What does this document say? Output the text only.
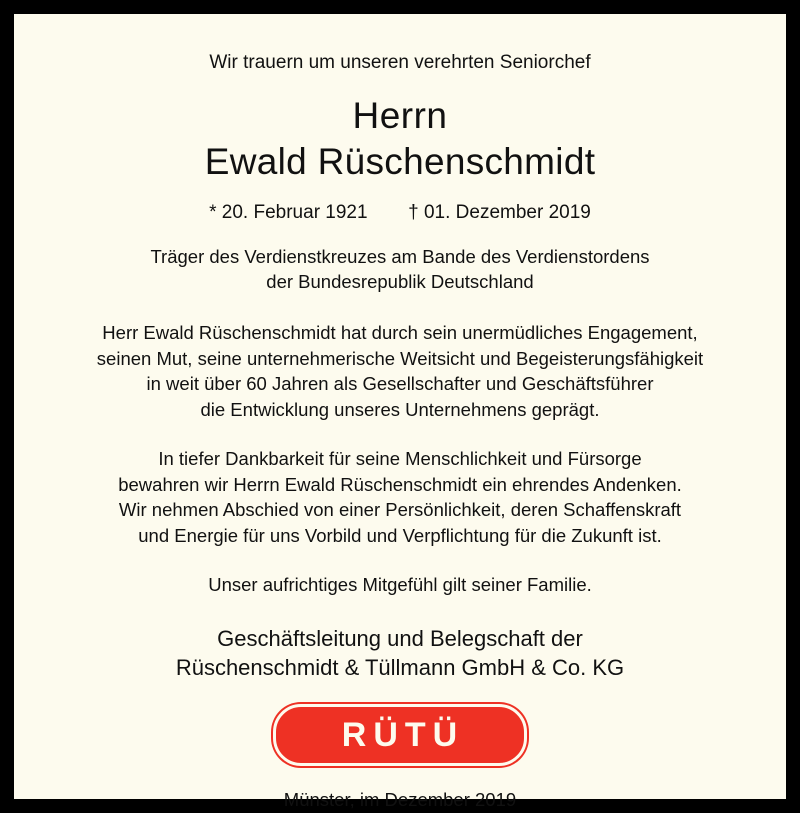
Wir trauern um unseren verehrten Seniorchef
Herrn
Ewald Rüschenschmidt
* 20. Februar 1921 † 01. Dezember 2019
Träger des Verdienstkreuzes am Bande des Verdienstordens
der Bundesrepublik Deutschland
Herr Ewald Rüschenschmidt hat durch sein unermüdliches Engagement,
seinen Mut, seine unternehmerische Weitsicht und Begeisterungsfähigkeit
in weit über 60 Jahren als Gesellschafter und Geschäftsführer
die Entwicklung unseres Unternehmens geprägt.
In tiefer Dankbarkeit für seine Menschlichkeit und Fürsorge
bewahren wir Herrn Ewald Rüschenschmidt ein ehrendes Andenken.
Wir nehmen Abschied von einer Persönlichkeit, deren Schaffenskraft
und Energie für uns Vorbild und Verpflichtung für die Zukunft ist.
Unser aufrichtiges Mitgefühl gilt seiner Familie.
Geschäftsleitung und Belegschaft der
Rüschenschmidt & Tüllmann GmbH & Co. KG
RÜTÜ
Münster, im Dezember 2019
